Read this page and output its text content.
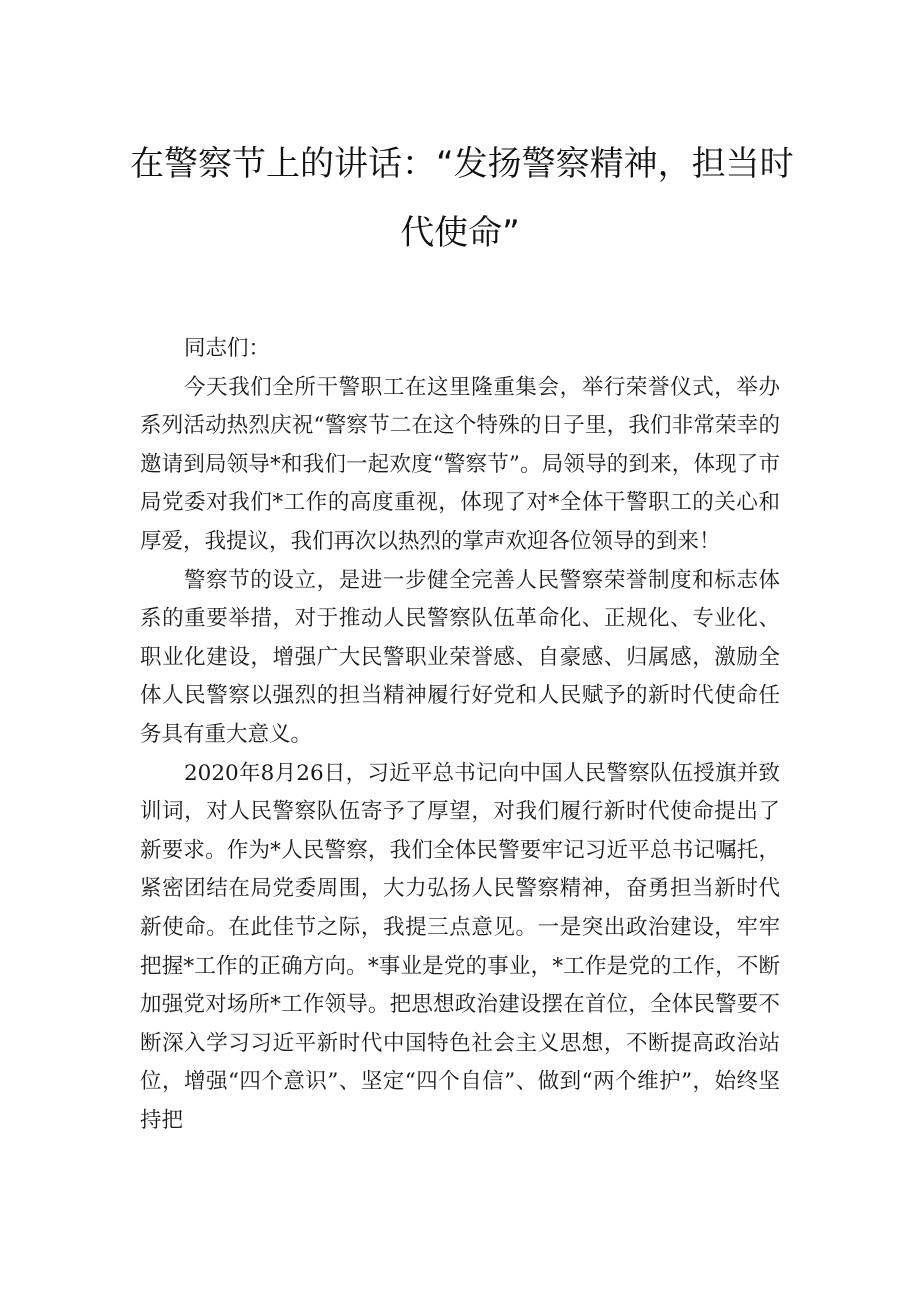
在警察节上的讲话：“发扬警察精神，担当时
代使命”

同志们：

今天我们全所干警职工在这里隆重集会，举行荣誉仪式，举办系列活动热烈庆祝“警察节二在这个特殊的日子里，我们非常荣幸的邀请到局领导*和我们一起欢度“警察节”。局领导的到来，体现了市局党委对我们*工作的高度重视，体现了对*全体干警职工的关心和厚爱，我提议，我们再次以热烈的掌声欢迎各位领导的到来！

警察节的设立，是进一步健全完善人民警察荣誉制度和标志体系的重要举措，对于推动人民警察队伍革命化、正规化、专业化、职业化建设，增强广大民警职业荣誉感、自豪感、归属感，激励全体人民警察以强烈的担当精神履行好党和人民赋予的新时代使命任务具有重大意义。

2020年8月26日，习近平总书记向中国人民警察队伍授旗并致训词，对人民警察队伍寄予了厚望，对我们履行新时代使命提出了新要求。作为*人民警察，我们全体民警要牢记习近平总书记嘱托，紧密团结在局党委周围，大力弘扬人民警察精神，奋勇担当新时代新使命。在此佳节之际，我提三点意见。一是突出政治建设，牢牢把握*工作的正确方向。*事业是党的事业，*工作是党的工作，不断加强党对场所*工作领导。把思想政治建设摆在首位，全体民警要不断深入学习习近平新时代中国特色社会主义思想，不断提高政治站位，增强“四个意识”、坚定“四个自信”、做到“两个维护”，始终坚持把
